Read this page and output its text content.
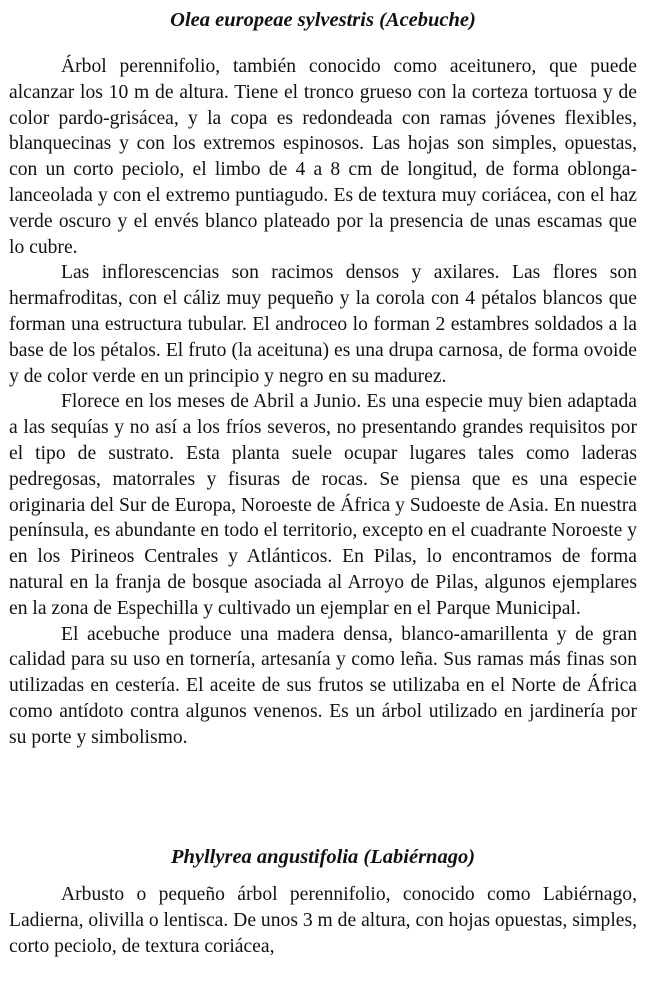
Olea europeae sylvestris (Acebuche)

Árbol perennifolio, también conocido como aceitunero, que puede alcanzar los 10 m de altura. Tiene el tronco grueso con la corteza tortuosa y de color pardo-grisácea, y la copa es redondeada con ramas jóvenes flexibles, blanquecinas y con los extremos espinosos. Las hojas son simples, opuestas, con un corto peciolo, el limbo de 4 a 8 cm de longitud, de forma oblonga-lanceolada y con el extremo puntiagudo. Es de textura muy coriácea, con el haz verde oscuro y el envés blanco plateado por la presencia de unas escamas que lo cubre.

Las inflorescencias son racimos densos y axilares. Las flores son hermafroditas, con el cáliz muy pequeño y la corola con 4 pétalos blancos que forman una estructura tubular. El androceo lo forman 2 estambres soldados a la base de los pétalos. El fruto (la aceituna) es una drupa carnosa, de forma ovoide y de color verde en un principio y negro en su madurez.

Florece en los meses de Abril a Junio. Es una especie muy bien adaptada a las sequías y no así a los fríos severos, no presentando grandes requisitos por el tipo de sustrato. Esta planta suele ocupar lugares tales como laderas pedregosas, matorrales y fisuras de rocas. Se piensa que es una especie originaria del Sur de Europa, Noroeste de África y Sudoeste de Asia. En nuestra península, es abundante en todo el territorio, excepto en el cuadrante Noroeste y en los Pirineos Centrales y Atlánticos. En Pilas, lo encontramos de forma natural en la franja de bosque asociada al Arroyo de Pilas, algunos ejemplares en la zona de Espechilla y cultivado un ejemplar en el Parque Municipal.

El acebuche produce una madera densa, blanco-amarillenta y de gran calidad para su uso en tornería, artesanía y como leña. Sus ramas más finas son utilizadas en cestería. El aceite de sus frutos se utilizaba en el Norte de África como antídoto contra algunos venenos. Es un árbol utilizado en jardinería por su porte y simbolismo.

Phyllyrea angustifolia (Labiérnago)

Arbusto o pequeño árbol perennifolio, conocido como Labiérnago, Ladierna, olivilla o lentisca. De unos 3 m de altura, con hojas opuestas, simples, corto peciolo, de textura coriácea,
